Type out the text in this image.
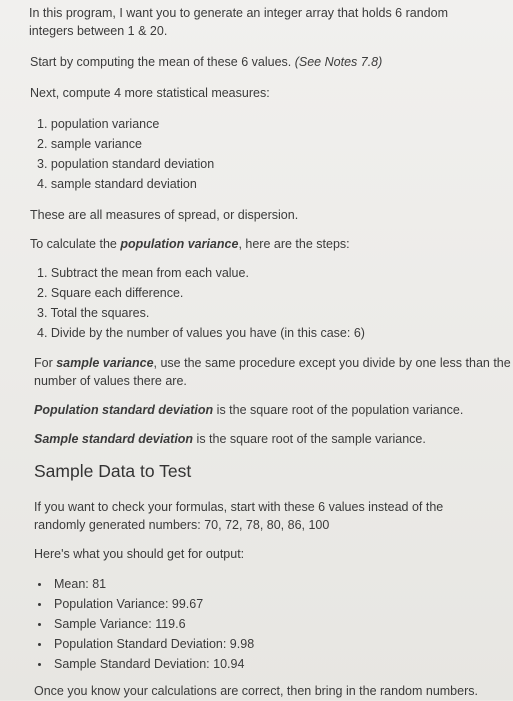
In this program, I want you to generate an integer array that holds 6 random
integers between 1 & 20.
Start by computing the mean of these 6 values. (See Notes 7.8)
Next, compute 4 more statistical measures:
1. population variance
2. sample variance
3. population standard deviation
4. sample standard deviation
These are all measures of spread, or dispersion.
To calculate the population variance, here are the steps:
1. Subtract the mean from each value.
2. Square each difference.
3. Total the squares.
4. Divide by the number of values you have (in this case: 6)
For sample variance, use the same procedure except you divide by one less than the
number of values there are.
Population standard deviation is the square root of the population variance.
Sample standard deviation is the square root of the sample variance.
Sample Data to Test
If you want to check your formulas, start with these 6 values instead of the
randomly generated numbers: 70, 72, 78, 80, 86, 100
Here's what you should get for output:
Mean: 81
Population Variance: 99.67
Sample Variance: 119.6
Population Standard Deviation: 9.98
Sample Standard Deviation: 10.94
Once you know your calculations are correct, then bring in the random numbers.
